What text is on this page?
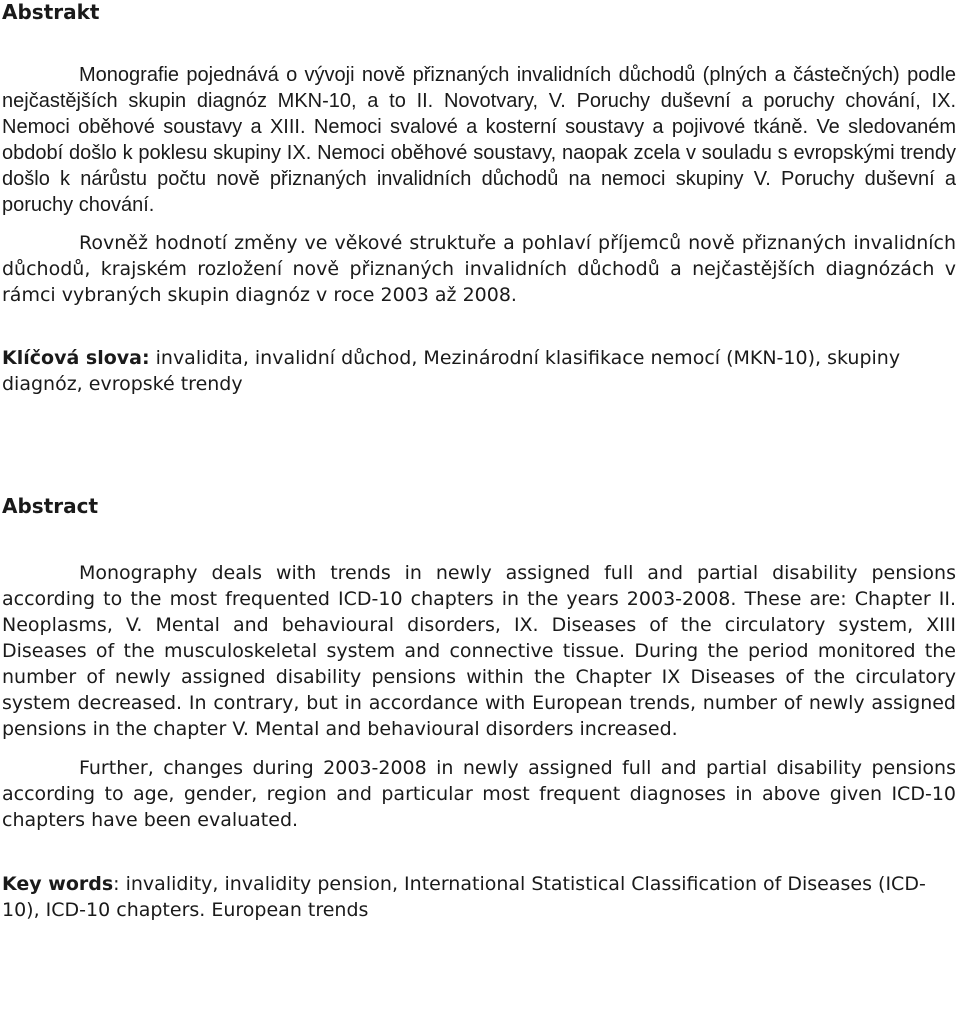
Abstrakt

Monografie pojednává o vývoji nově přiznaných invalidních důchodů (plných a částečných) podle nejčastějších skupin diagnóz MKN-10, a to II. Novotvary, V. Poruchy duševní a poruchy chování, IX. Nemoci oběhové soustavy a XIII. Nemoci svalové a kosterní soustavy a pojivové tkáně. Ve sledovaném období došlo k poklesu skupiny IX. Nemoci oběhové soustavy, naopak zcela v souladu s evropskými trendy došlo k nárůstu počtu nově přiznaných invalidních důchodů na nemoci skupiny V. Poruchy duševní a poruchy chování.

Rovněž hodnotí změny ve věkové struktuře a pohlaví příjemců nově přiznaných invalidních důchodů, krajském rozložení nově přiznaných invalidních důchodů a nejčastějších diagnózách v rámci vybraných skupin diagnóz v roce 2003 až 2008.

Klíčová slova: invalidita, invalidní důchod, Mezinárodní klasifikace nemocí (MKN-10), skupiny diagnóz, evropské trendy

Abstract

Monography deals with trends in newly assigned full and partial disability pensions according to the most frequented ICD-10 chapters in the years 2003-2008. These are: Chapter II. Neoplasms, V. Mental and behavioural disorders, IX. Diseases of the circulatory system, XIII Diseases of the musculoskeletal system and connective tissue. During the period monitored the number of newly assigned disability pensions within the Chapter IX Diseases of the circulatory system decreased. In contrary, but in accordance with European trends, number of newly assigned pensions in the chapter V. Mental and behavioural disorders increased.

Further, changes during 2003-2008 in newly assigned full and partial disability pensions according to age, gender, region and particular most frequent diagnoses in above given ICD-10 chapters have been evaluated.

Key words: invalidity, invalidity pension, International Statistical Classification of Diseases (ICD-10), ICD-10 chapters. European trends
